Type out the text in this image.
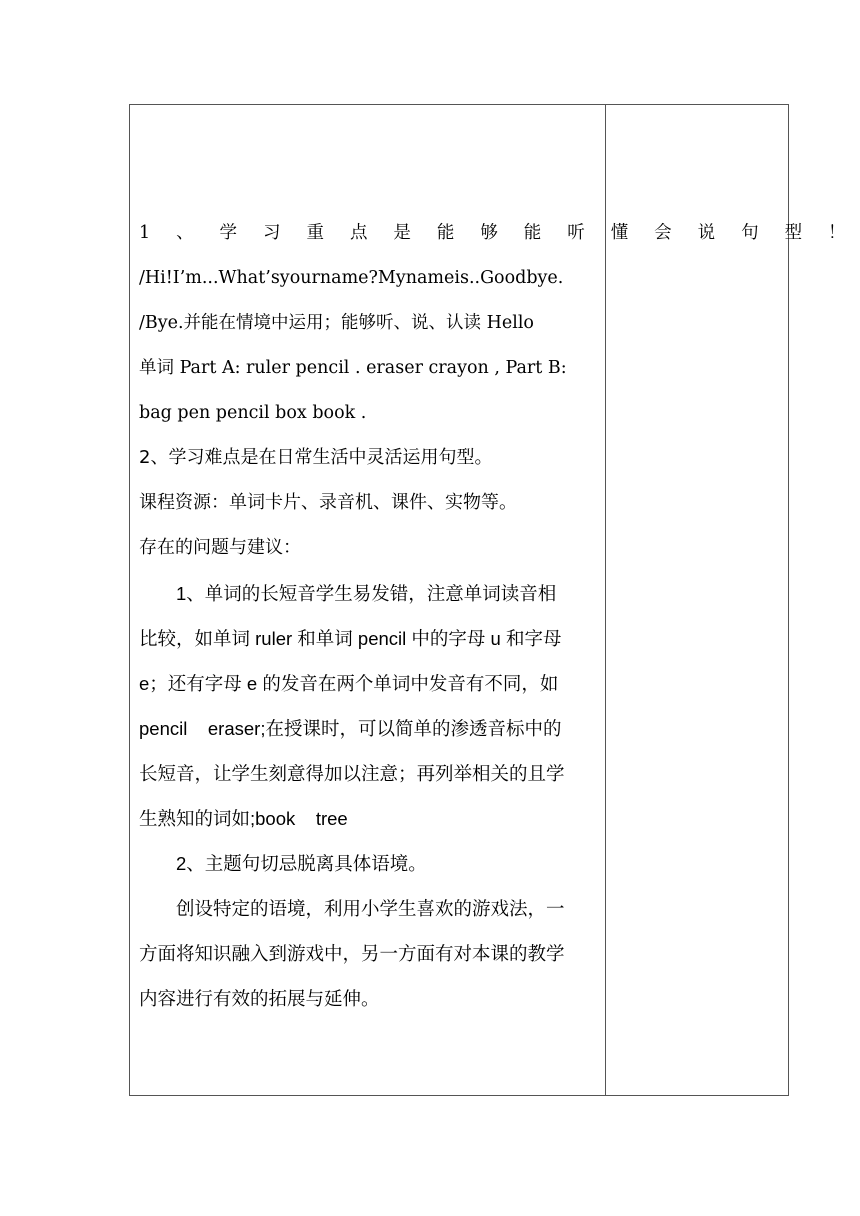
1 、 学 习 重 点 是 能 够 能 听 懂 会 说 句 型 ！
/Hi!I’m...What’syourname?Mynameis..Goodbye.
/Bye.并能在情境中运用；能够听、说、认读 Hello
单词 Part A: ruler pencil . eraser crayon , Part B:
bag pen pencil box book .
2、学习难点是在日常生活中灵活运用句型。
课程资源：单词卡片、录音机、课件、实物等。
存在的问题与建议：
1、单词的长短音学生易发错，注意单词读音相
比较，如单词 ruler 和单词 pencil 中的字母 u 和字母
e；还有字母 e 的发音在两个单词中发音有不同，如
pencil    eraser;在授课时，可以简单的渗透音标中的
长短音，让学生刻意得加以注意；再列举相关的且学
生熟知的词如;book    tree
2、主题句切忌脱离具体语境。
创设特定的语境，利用小学生喜欢的游戏法，一
方面将知识融入到游戏中，另一方面有对本课的教学
内容进行有效的拓展与延伸。
